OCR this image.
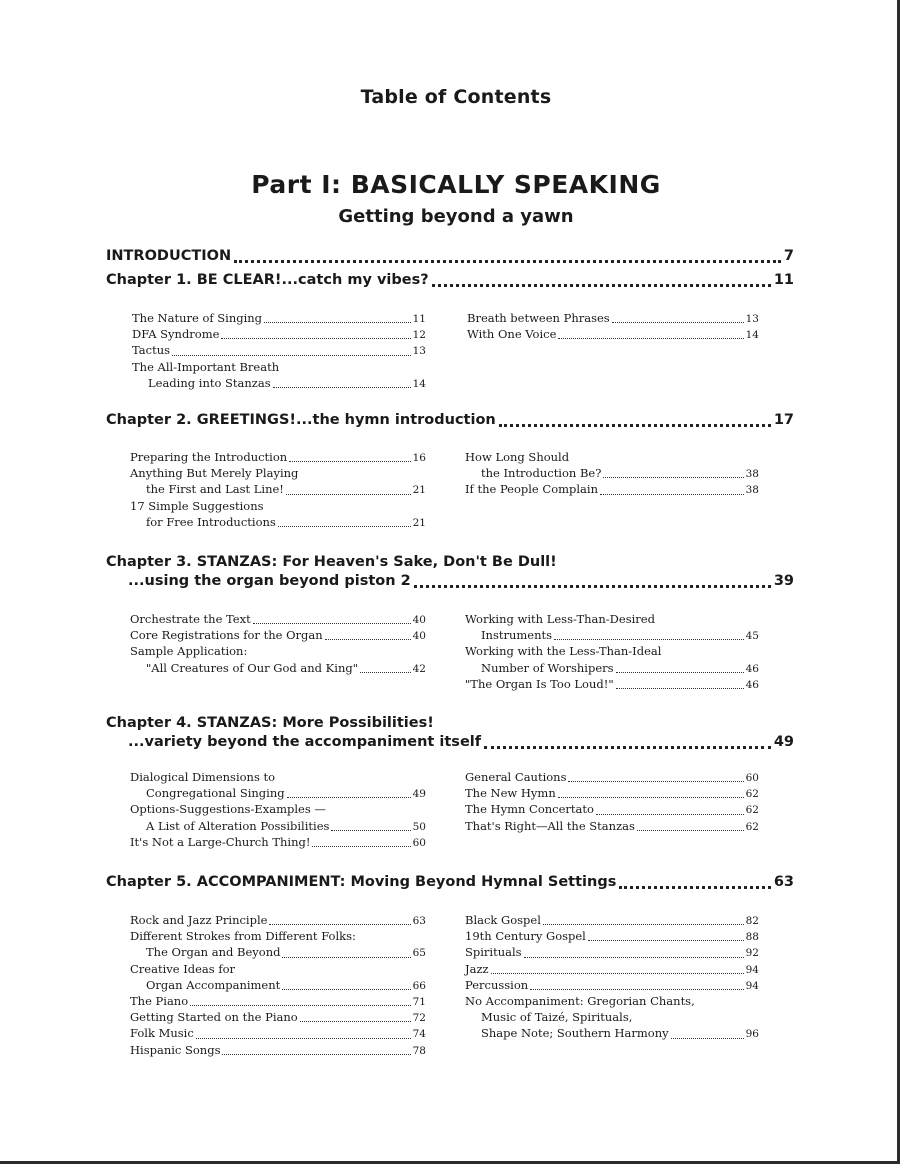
Table of Contents
Part I: BASICALLY SPEAKING
Getting beyond a yawn
INTRODUCTION	7
Chapter 1. BE CLEAR!...catch my vibes?	11
The Nature of Singing	11
DFA Syndrome	12
Tactus	13
The All-Important Breath
Leading into Stanzas	14
Breath between Phrases	13
With One Voice	14
Chapter 2. GREETINGS!...the hymn introduction	17
Preparing the Introduction	16
Anything But Merely Playing
the First and Last Line!	21
17 Simple Suggestions
for Free Introductions	21
How Long Should
the Introduction Be?	38
If the People Complain	38
Chapter 3. STANZAS: For Heaven's Sake, Don't Be Dull!
...using the organ beyond piston 2	39
Orchestrate the Text	40
Core Registrations for the Organ	40
Sample Application:
"All Creatures of Our God and King"	42
Working with Less-Than-Desired
Instruments	45
Working with the Less-Than-Ideal
Number of Worshipers	46
"The Organ Is Too Loud!"	46
Chapter 4. STANZAS: More Possibilities!
...variety beyond the accompaniment itself	49
Dialogical Dimensions to
Congregational Singing	49
Options-Suggestions-Examples —
A List of Alteration Possibilities	50
It's Not a Large-Church Thing!	60
General Cautions	60
The New Hymn	62
The Hymn Concertato	62
That's Right—All the Stanzas	62
Chapter 5. ACCOMPANIMENT: Moving Beyond Hymnal Settings	63
Rock and Jazz Principle	63
Different Strokes from Different Folks:
The Organ and Beyond	65
Creative Ideas for
Organ Accompaniment	66
The Piano	71
Getting Started on the Piano	72
Folk Music	74
Hispanic Songs	78
Black Gospel	82
19th Century Gospel	88
Spirituals	92
Jazz	94
Percussion	94
No Accompaniment: Gregorian Chants,
Music of Taizé, Spirituals,
Shape Note; Southern Harmony	96
